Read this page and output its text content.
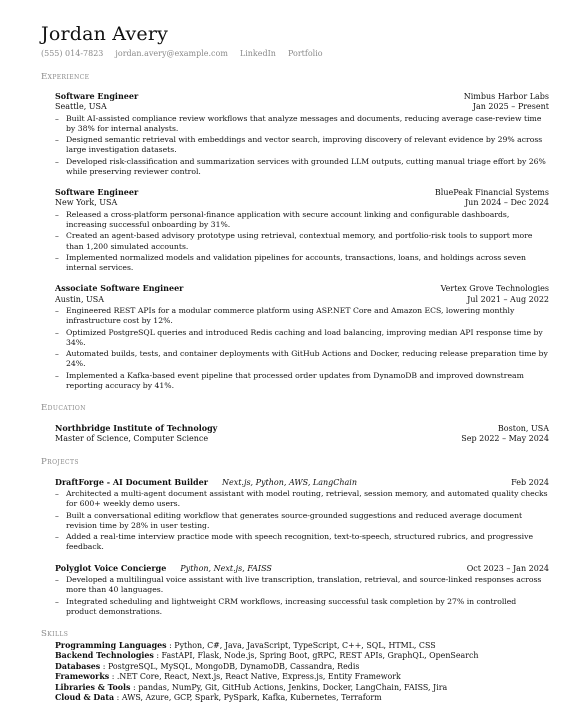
Jordan Avery
(555) 014-7823 jordan.avery@example.com LinkedIn Portfolio
Experience
Software Engineer	Nimbus Harbor Labs
Seattle, USA	Jan 2025 – Present
– Built AI-assisted compliance review workflows that analyze messages and documents, reducing average case-review time by 38% for internal analysts.
– Designed semantic retrieval with embeddings and vector search, improving discovery of relevant evidence by 29% across large investigation datasets.
– Developed risk-classification and summarization services with grounded LLM outputs, cutting manual triage effort by 26% while preserving reviewer control.
Software Engineer	BluePeak Financial Systems
New York, USA	Jun 2024 – Dec 2024
– Released a cross-platform personal-finance application with secure account linking and configurable dashboards, increasing successful onboarding by 31%.
– Created an agent-based advisory prototype using retrieval, contextual memory, and portfolio-risk tools to support more than 1,200 simulated accounts.
– Implemented normalized models and validation pipelines for accounts, transactions, loans, and holdings across seven internal services.
Associate Software Engineer	Vertex Grove Technologies
Austin, USA	Jul 2021 – Aug 2022
– Engineered REST APIs for a modular commerce platform using ASP.NET Core and Amazon ECS, lowering monthly infrastructure cost by 12%.
– Optimized PostgreSQL queries and introduced Redis caching and load balancing, improving median API response time by 34%.
– Automated builds, tests, and container deployments with GitHub Actions and Docker, reducing release preparation time by 24%.
– Implemented a Kafka-based event pipeline that processed order updates from DynamoDB and improved downstream reporting accuracy by 41%.
Education
Northbridge Institute of Technology	Boston, USA
Master of Science, Computer Science	Sep 2022 – May 2024
Projects
DraftForge - AI Document Builder Next.js, Python, AWS, LangChain	Feb 2024
– Architected a multi-agent document assistant with model routing, retrieval, session memory, and automated quality checks for 600+ weekly demo users.
– Built a conversational editing workflow that generates source-grounded suggestions and reduced average document revision time by 28% in user testing.
– Added a real-time interview practice mode with speech recognition, text-to-speech, structured rubrics, and progressive feedback.
Polyglot Voice Concierge Python, Next.js, FAISS	Oct 2023 – Jan 2024
– Developed a multilingual voice assistant with live transcription, translation, retrieval, and source-linked responses across more than 40 languages.
– Integrated scheduling and lightweight CRM workflows, increasing successful task completion by 27% in controlled product demonstrations.
Skills
Programming Languages : Python, C#, Java, JavaScript, TypeScript, C++, SQL, HTML, CSS
Backend Technologies : FastAPI, Flask, Node.js, Spring Boot, gRPC, REST APIs, GraphQL, OpenSearch
Databases : PostgreSQL, MySQL, MongoDB, DynamoDB, Cassandra, Redis
Frameworks : .NET Core, React, Next.js, React Native, Express.js, Entity Framework
Libraries & Tools : pandas, NumPy, Git, GitHub Actions, Jenkins, Docker, LangChain, FAISS, Jira
Cloud & Data : AWS, Azure, GCP, Spark, PySpark, Kafka, Kubernetes, Terraform
